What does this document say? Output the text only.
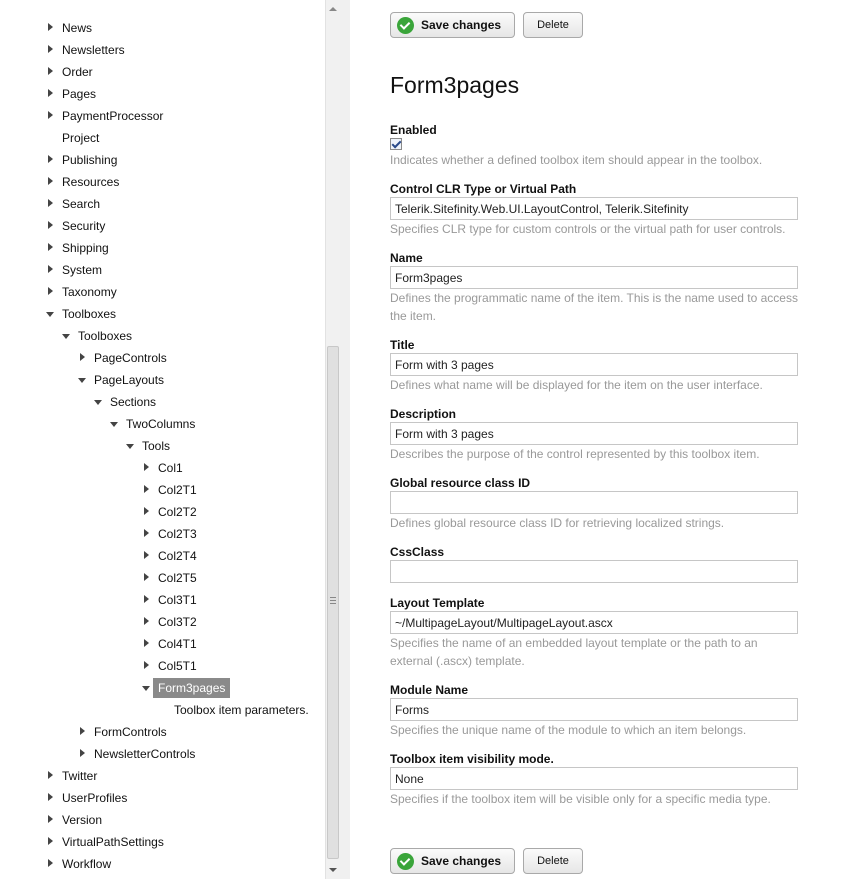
News
Newsletters
Order
Pages
PaymentProcessor
Project
Publishing
Resources
Search
Security
Shipping
System
Taxonomy
Toolboxes
Toolboxes
PageControls
PageLayouts
Sections
TwoColumns
Tools
Col1
Col2T1
Col2T2
Col2T3
Col2T4
Col2T5
Col3T1
Col3T2
Col4T1
Col5T1
Form3pages
Toolbox item parameters.
FormControls
NewsletterControls
Twitter
UserProfiles
Version
VirtualPathSettings
Workflow
Save changes	Delete
Form3pages
Enabled
Indicates whether a defined toolbox item should appear in the toolbox.
Control CLR Type or Virtual Path
Telerik.Sitefinity.Web.UI.LayoutControl, Telerik.Sitefinity
Specifies CLR type for custom controls or the virtual path for user controls.
Name
Form3pages
Defines the programmatic name of the item. This is the name used to access the item.
Title
Form with 3 pages
Defines what name will be displayed for the item on the user interface.
Description
Form with 3 pages
Describes the purpose of the control represented by this toolbox item.
Global resource class ID
Defines global resource class ID for retrieving localized strings.
CssClass
Layout Template
~/MultipageLayout/MultipageLayout.ascx
Specifies the name of an embedded layout template or the path to an external (.ascx) template.
Module Name
Forms
Specifies the unique name of the module to which an item belongs.
Toolbox item visibility mode.
None
Specifies if the toolbox item will be visible only for a specific media type.
Save changes	Delete
